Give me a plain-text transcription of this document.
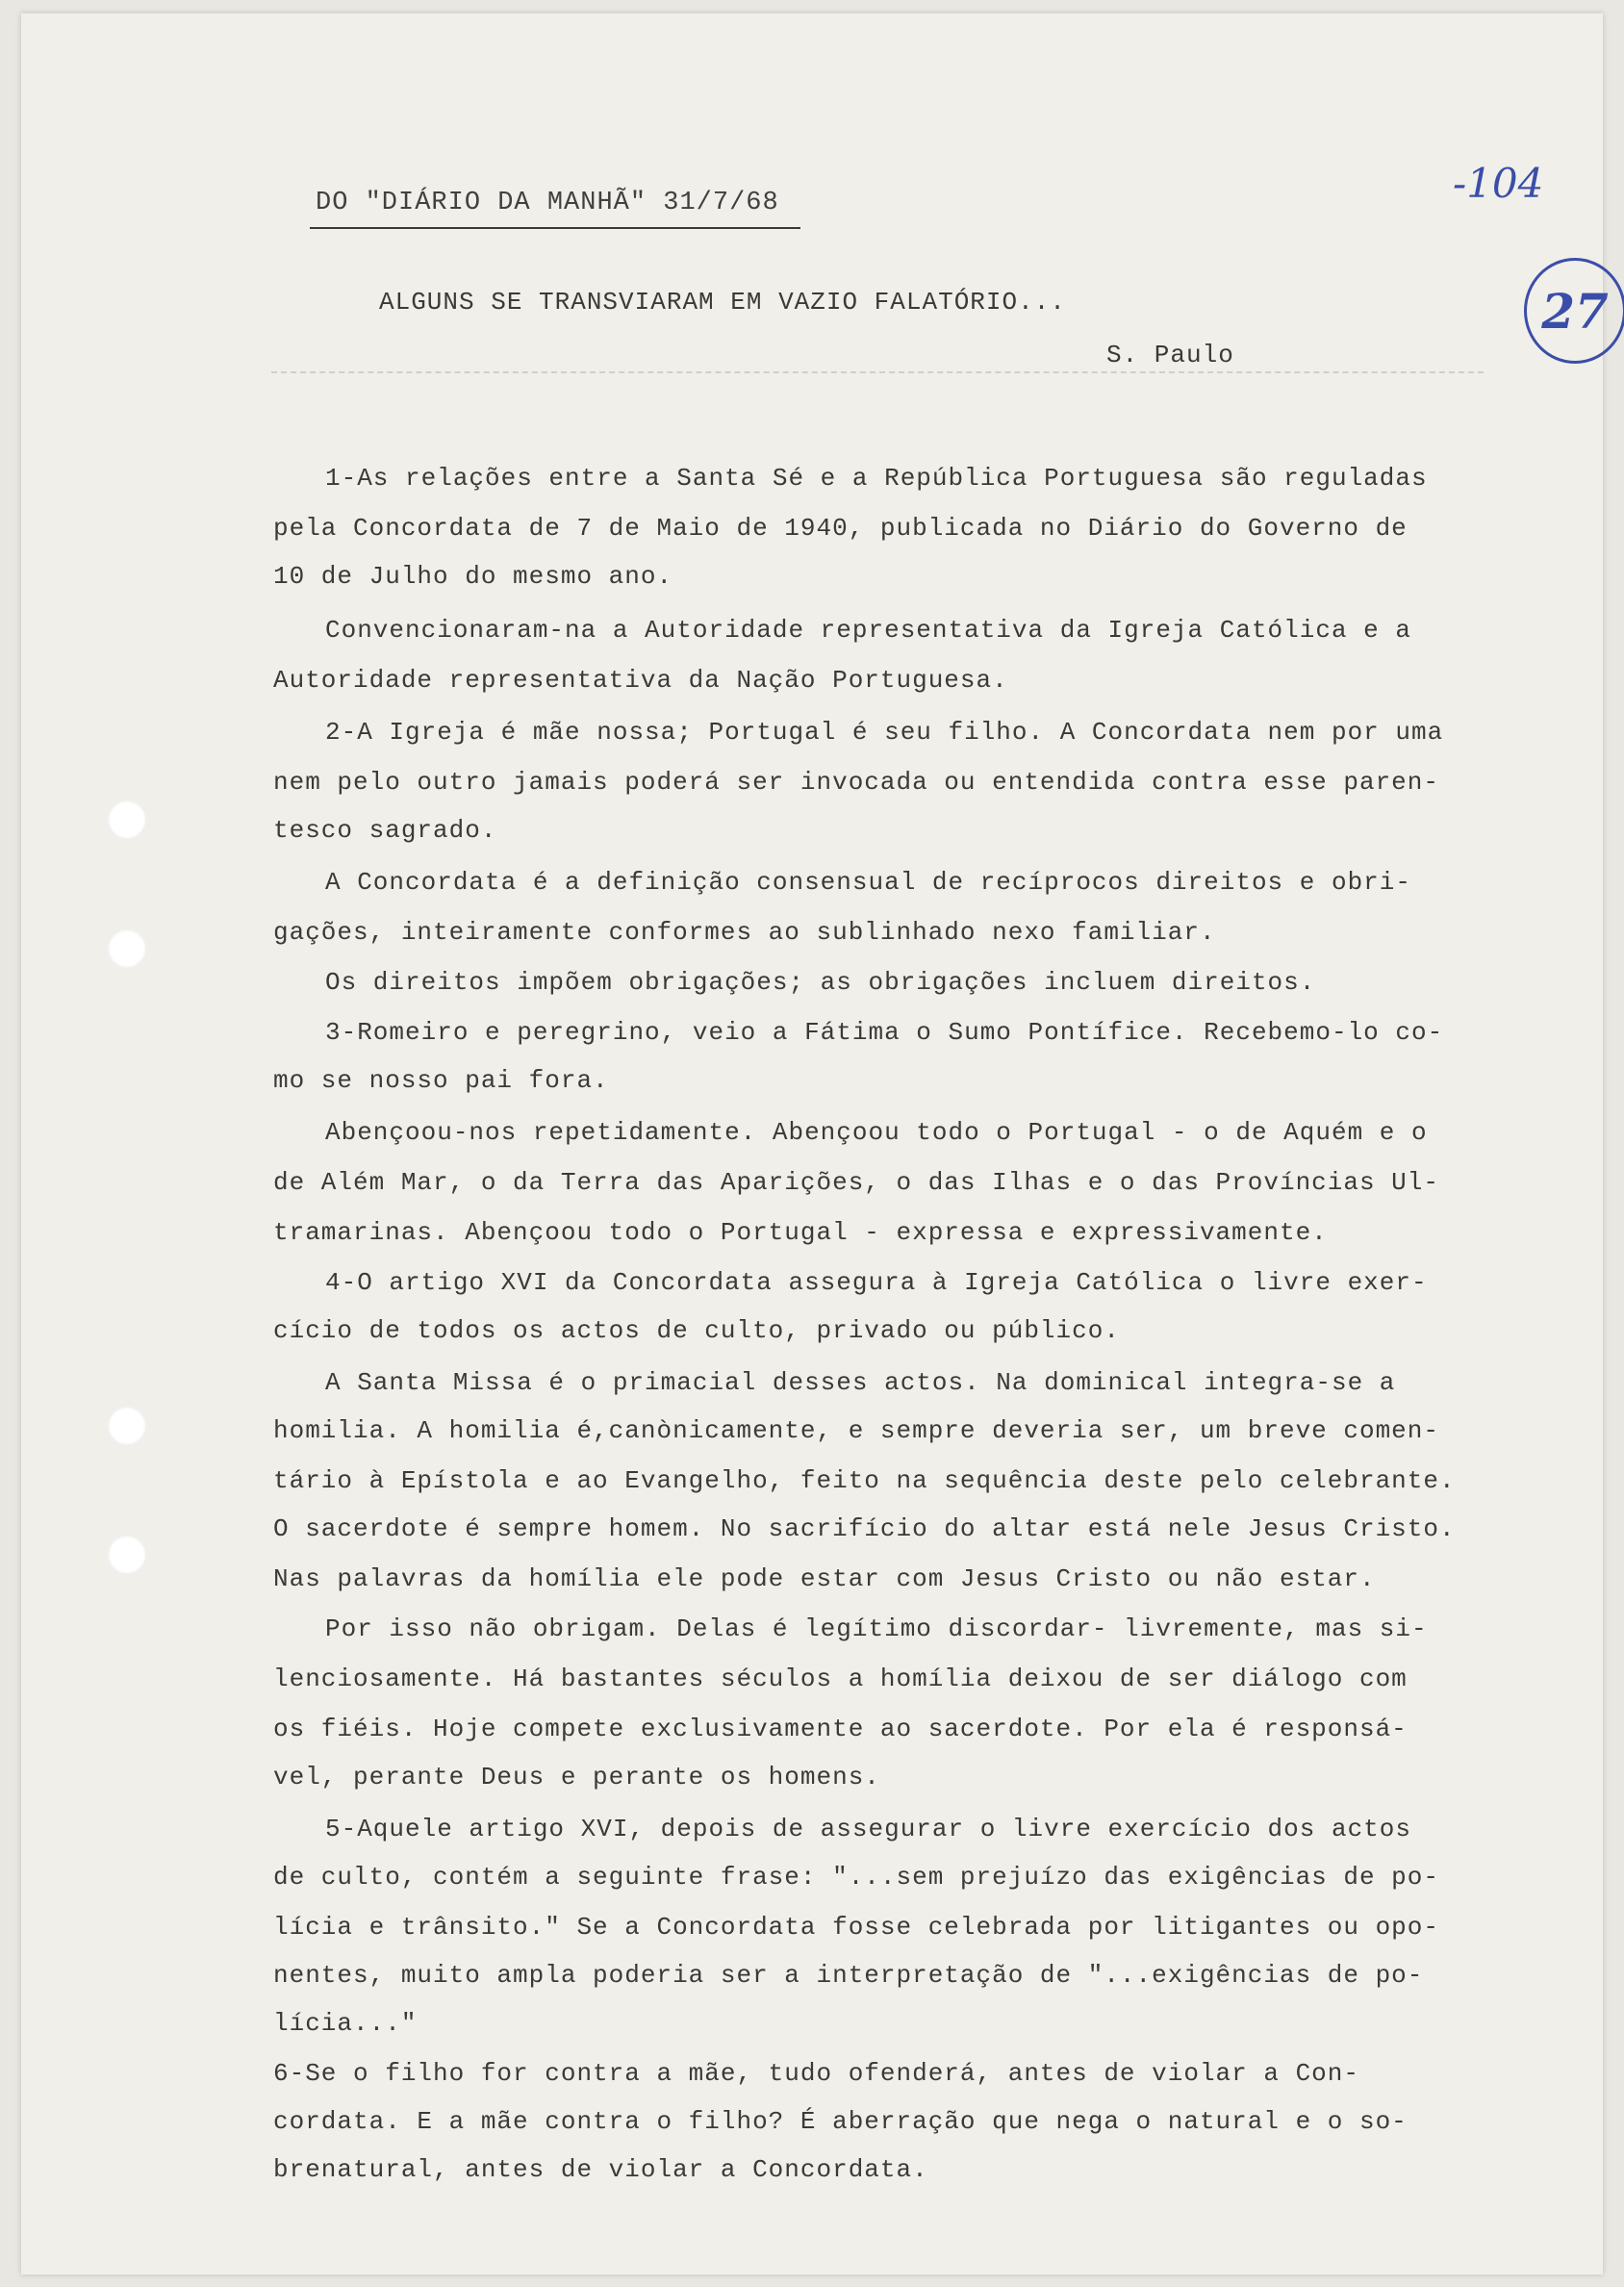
DO "DIÁRIO DA MANHÃ" 31/7/68	-104
27
ALGUNS SE TRANSVIARAM EM VAZIO FALATÓRIO...
S. Paulo
1-As relações entre a Santa Sé e a República Portuguesa são reguladas
pela Concordata de 7 de Maio de 1940, publicada no Diário do Governo de
10 de Julho do mesmo ano.
Convencionaram-na a Autoridade representativa da Igreja Católica e a
Autoridade representativa da Nação Portuguesa.
2-A Igreja é mãe nossa; Portugal é seu filho. A Concordata nem por uma
nem pelo outro jamais poderá ser invocada ou entendida contra esse paren-
tesco sagrado.
A Concordata é a definição consensual de recíprocos direitos e obri-
gações, inteiramente conformes ao sublinhado nexo familiar.
Os direitos impõem obrigações; as obrigações incluem direitos.
3-Romeiro e peregrino, veio a Fátima o Sumo Pontífice. Recebemo-lo co-
mo se nosso pai fora.
Abençoou-nos repetidamente. Abençoou todo o Portugal - o de Aquém e o
de Além Mar, o da Terra das Aparições, o das Ilhas e o das Províncias Ul-
tramarinas. Abençoou todo o Portugal - expressa e expressivamente.
4-O artigo XVI da Concordata assegura à Igreja Católica o livre exer-
cício de todos os actos de culto, privado ou público.
A Santa Missa é o primacial desses actos. Na dominical integra-se a
homilia. A homilia é,canònicamente, e sempre deveria ser, um breve comen-
tário à Epístola e ao Evangelho, feito na sequência deste pelo celebrante.
O sacerdote é sempre homem. No sacrifício do altar está nele Jesus Cristo.
Nas palavras da homília ele pode estar com Jesus Cristo ou não estar.
Por isso não obrigam. Delas é legítimo discordar- livremente, mas si-
lenciosamente. Há bastantes séculos a homília deixou de ser diálogo com
os fiéis. Hoje compete exclusivamente ao sacerdote. Por ela é responsá-
vel, perante Deus e perante os homens.
5-Aquele artigo XVI, depois de assegurar o livre exercício dos actos
de culto, contém a seguinte frase: "...sem prejuízo das exigências de po-
lícia e trânsito." Se a Concordata fosse celebrada por litigantes ou opo-
nentes, muito ampla poderia ser a interpretação de "...exigências de po-
lícia..."
6-Se o filho for contra a mãe, tudo ofenderá, antes de violar a Con-
cordata. E a mãe contra o filho? É aberração que nega o natural e o so-
brenatural, antes de violar a Concordata.
